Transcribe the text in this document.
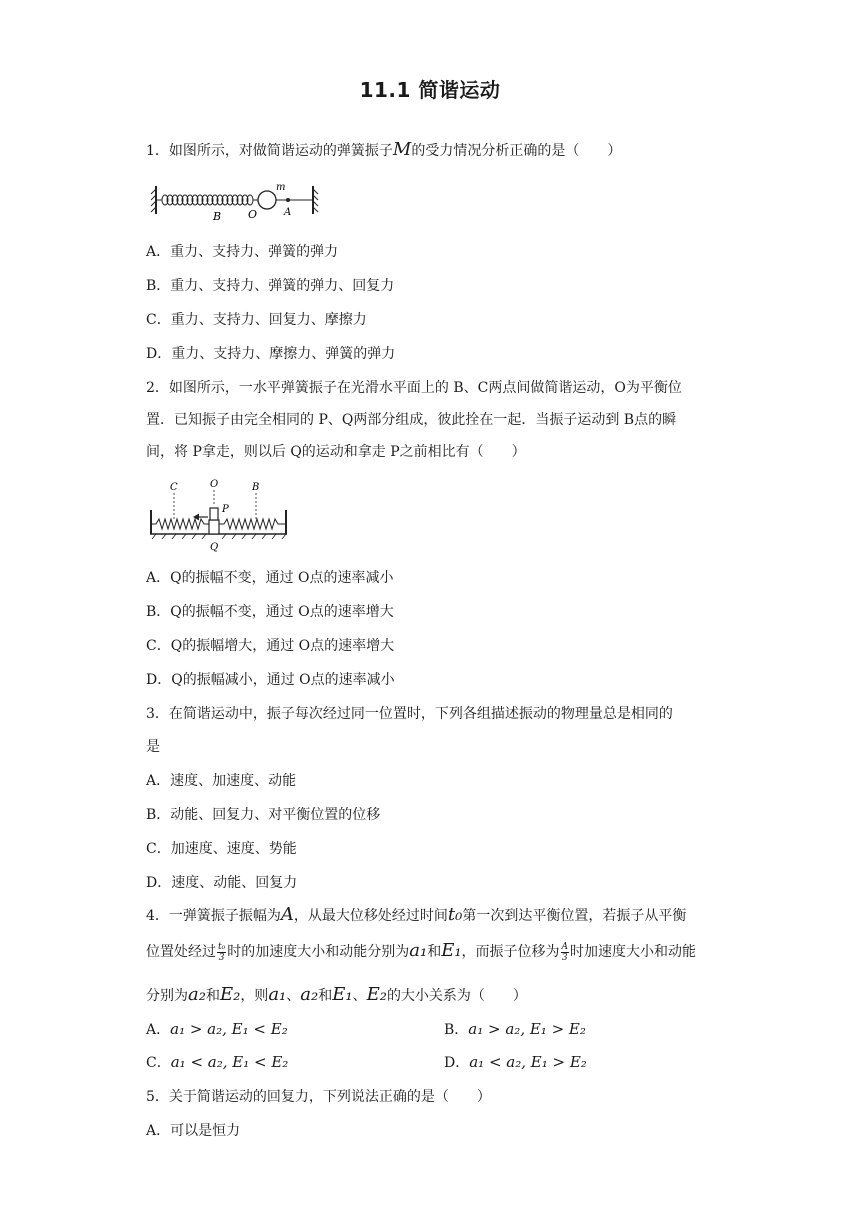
11.1 简谐运动
1．如图所示，对做简谐运动的弹簧振子M的受力情况分析正确的是（　　）
m
B O	A
A．重力、支持力、弹簧的弹力
B．重力、支持力、弹簧的弹力、回复力
C．重力、支持力、回复力、摩擦力
D．重力、支持力、摩擦力、弹簧的弹力
2．如图所示，一水平弹簧振子在光滑水平面上的 B、C两点间做简谐运动，O为平衡位
置．已知振子由完全相同的 P、Q两部分组成，彼此拴在一起．当振子运动到 B点的瞬
间，将 P拿走，则以后 Q的运动和拿走 P之前相比有（　　）
C	O	B
P
Q
A．Q的振幅不变，通过 O点的速率减小
B．Q的振幅不变，通过 O点的速率增大
C．Q的振幅增大，通过 O点的速率增大
D．Q的振幅减小，通过 O点的速率减小
3．在简谐运动中，振子每次经过同一位置时，下列各组描述振动的物理量总是相同的
是
A．速度、加速度、动能
B．动能、回复力、对平衡位置的位移
C．加速度、速度、势能
D．速度、动能、回复力
4．一弹簧振子振幅为A，从最大位移处经过时间t₀第一次到达平衡位置，若振子从平衡
位置处经过 $\frac{\text{t₀}}{3}$ 时的加速度大小和动能分别为a₁和E₁，而振子位移为 $\frac{A}{3}$ 时加速度大小和动能
分别为a₂和E₂，则a₁、a₂和E₁、E₂的大小关系为（　　）
A．a₁ > a₂, E₁ < E₂	B．a₁ > a₂, E₁ > E₂
C．a₁ < a₂, E₁ < E₂	D．a₁ < a₂, E₁ > E₂
5．关于简谐运动的回复力，下列说法正确的是（　　）
A．可以是恒力
